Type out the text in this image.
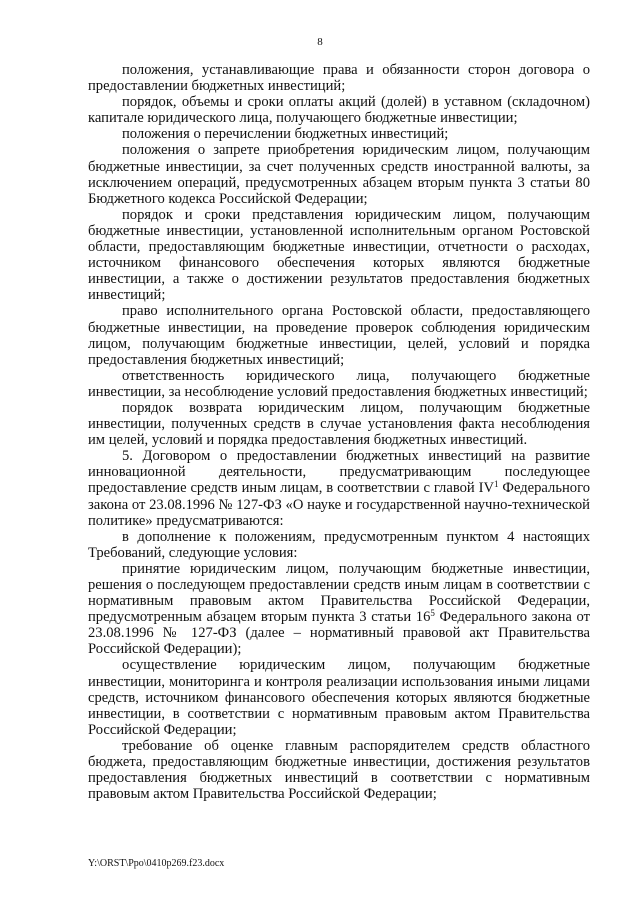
8

положения, устанавливающие права и обязанности сторон договора о предоставлении бюджетных инвестиций;

порядок, объемы и сроки оплаты акций (долей) в уставном (складочном) капитале юридического лица, получающего бюджетные инвестиции;

положения о перечислении бюджетных инвестиций;

положения о запрете приобретения юридическим лицом, получающим бюджетные инвестиции, за счет полученных средств иностранной валюты, за исключением операций, предусмотренных абзацем вторым пункта 3 статьи 80 Бюджетного кодекса Российской Федерации;

порядок и сроки представления юридическим лицом, получающим бюджетные инвестиции, установленной исполнительным органом Ростовской области, предоставляющим бюджетные инвестиции, отчетности о расходах, источником финансового обеспечения которых являются бюджетные инвестиции, а также о достижении результатов предоставления бюджетных инвестиций;

право исполнительного органа Ростовской области, предоставляющего бюджетные инвестиции, на проведение проверок соблюдения юридическим лицом, получающим бюджетные инвестиции, целей, условий и порядка предоставления бюджетных инвестиций;

ответственность юридического лица, получающего бюджетные инвестиции, за несоблюдение условий предоставления бюджетных инвестиций;

порядок возврата юридическим лицом, получающим бюджетные инвестиции, полученных средств в случае установления факта несоблюдения им целей, условий и порядка предоставления бюджетных инвестиций.

5. Договором о предоставлении бюджетных инвестиций на развитие инновационной деятельности, предусматривающим последующее предоставление средств иным лицам, в соответствии с главой $IV^1$ Федерального закона от 23.08.1996 № 127-ФЗ «О науке и государственной научно-технической политике» предусматриваются:

в дополнение к положениям, предусмотренным пунктом 4 настоящих Требований, следующие условия:

принятие юридическим лицом, получающим бюджетные инвестиции, решения о последующем предоставлении средств иным лицам в соответствии с нормативным правовым актом Правительства Российской Федерации, предусмотренным абзацем вторым пункта 3 статьи $16^5$ Федерального закона от 23.08.1996 № 127-ФЗ (далее – нормативный правовой акт Правительства Российской Федерации);

осуществление юридическим лицом, получающим бюджетные инвестиции, мониторинга и контроля реализации использования иными лицами средств, источником финансового обеспечения которых являются бюджетные инвестиции, в соответствии с нормативным правовым актом Правительства Российской Федерации;

требование об оценке главным распорядителем средств областного бюджета, предоставляющим бюджетные инвестиции, достижения результатов предоставления бюджетных инвестиций в соответствии с нормативным правовым актом Правительства Российской Федерации;

Y:\ORST\Ppo\0410p269.f23.docx
